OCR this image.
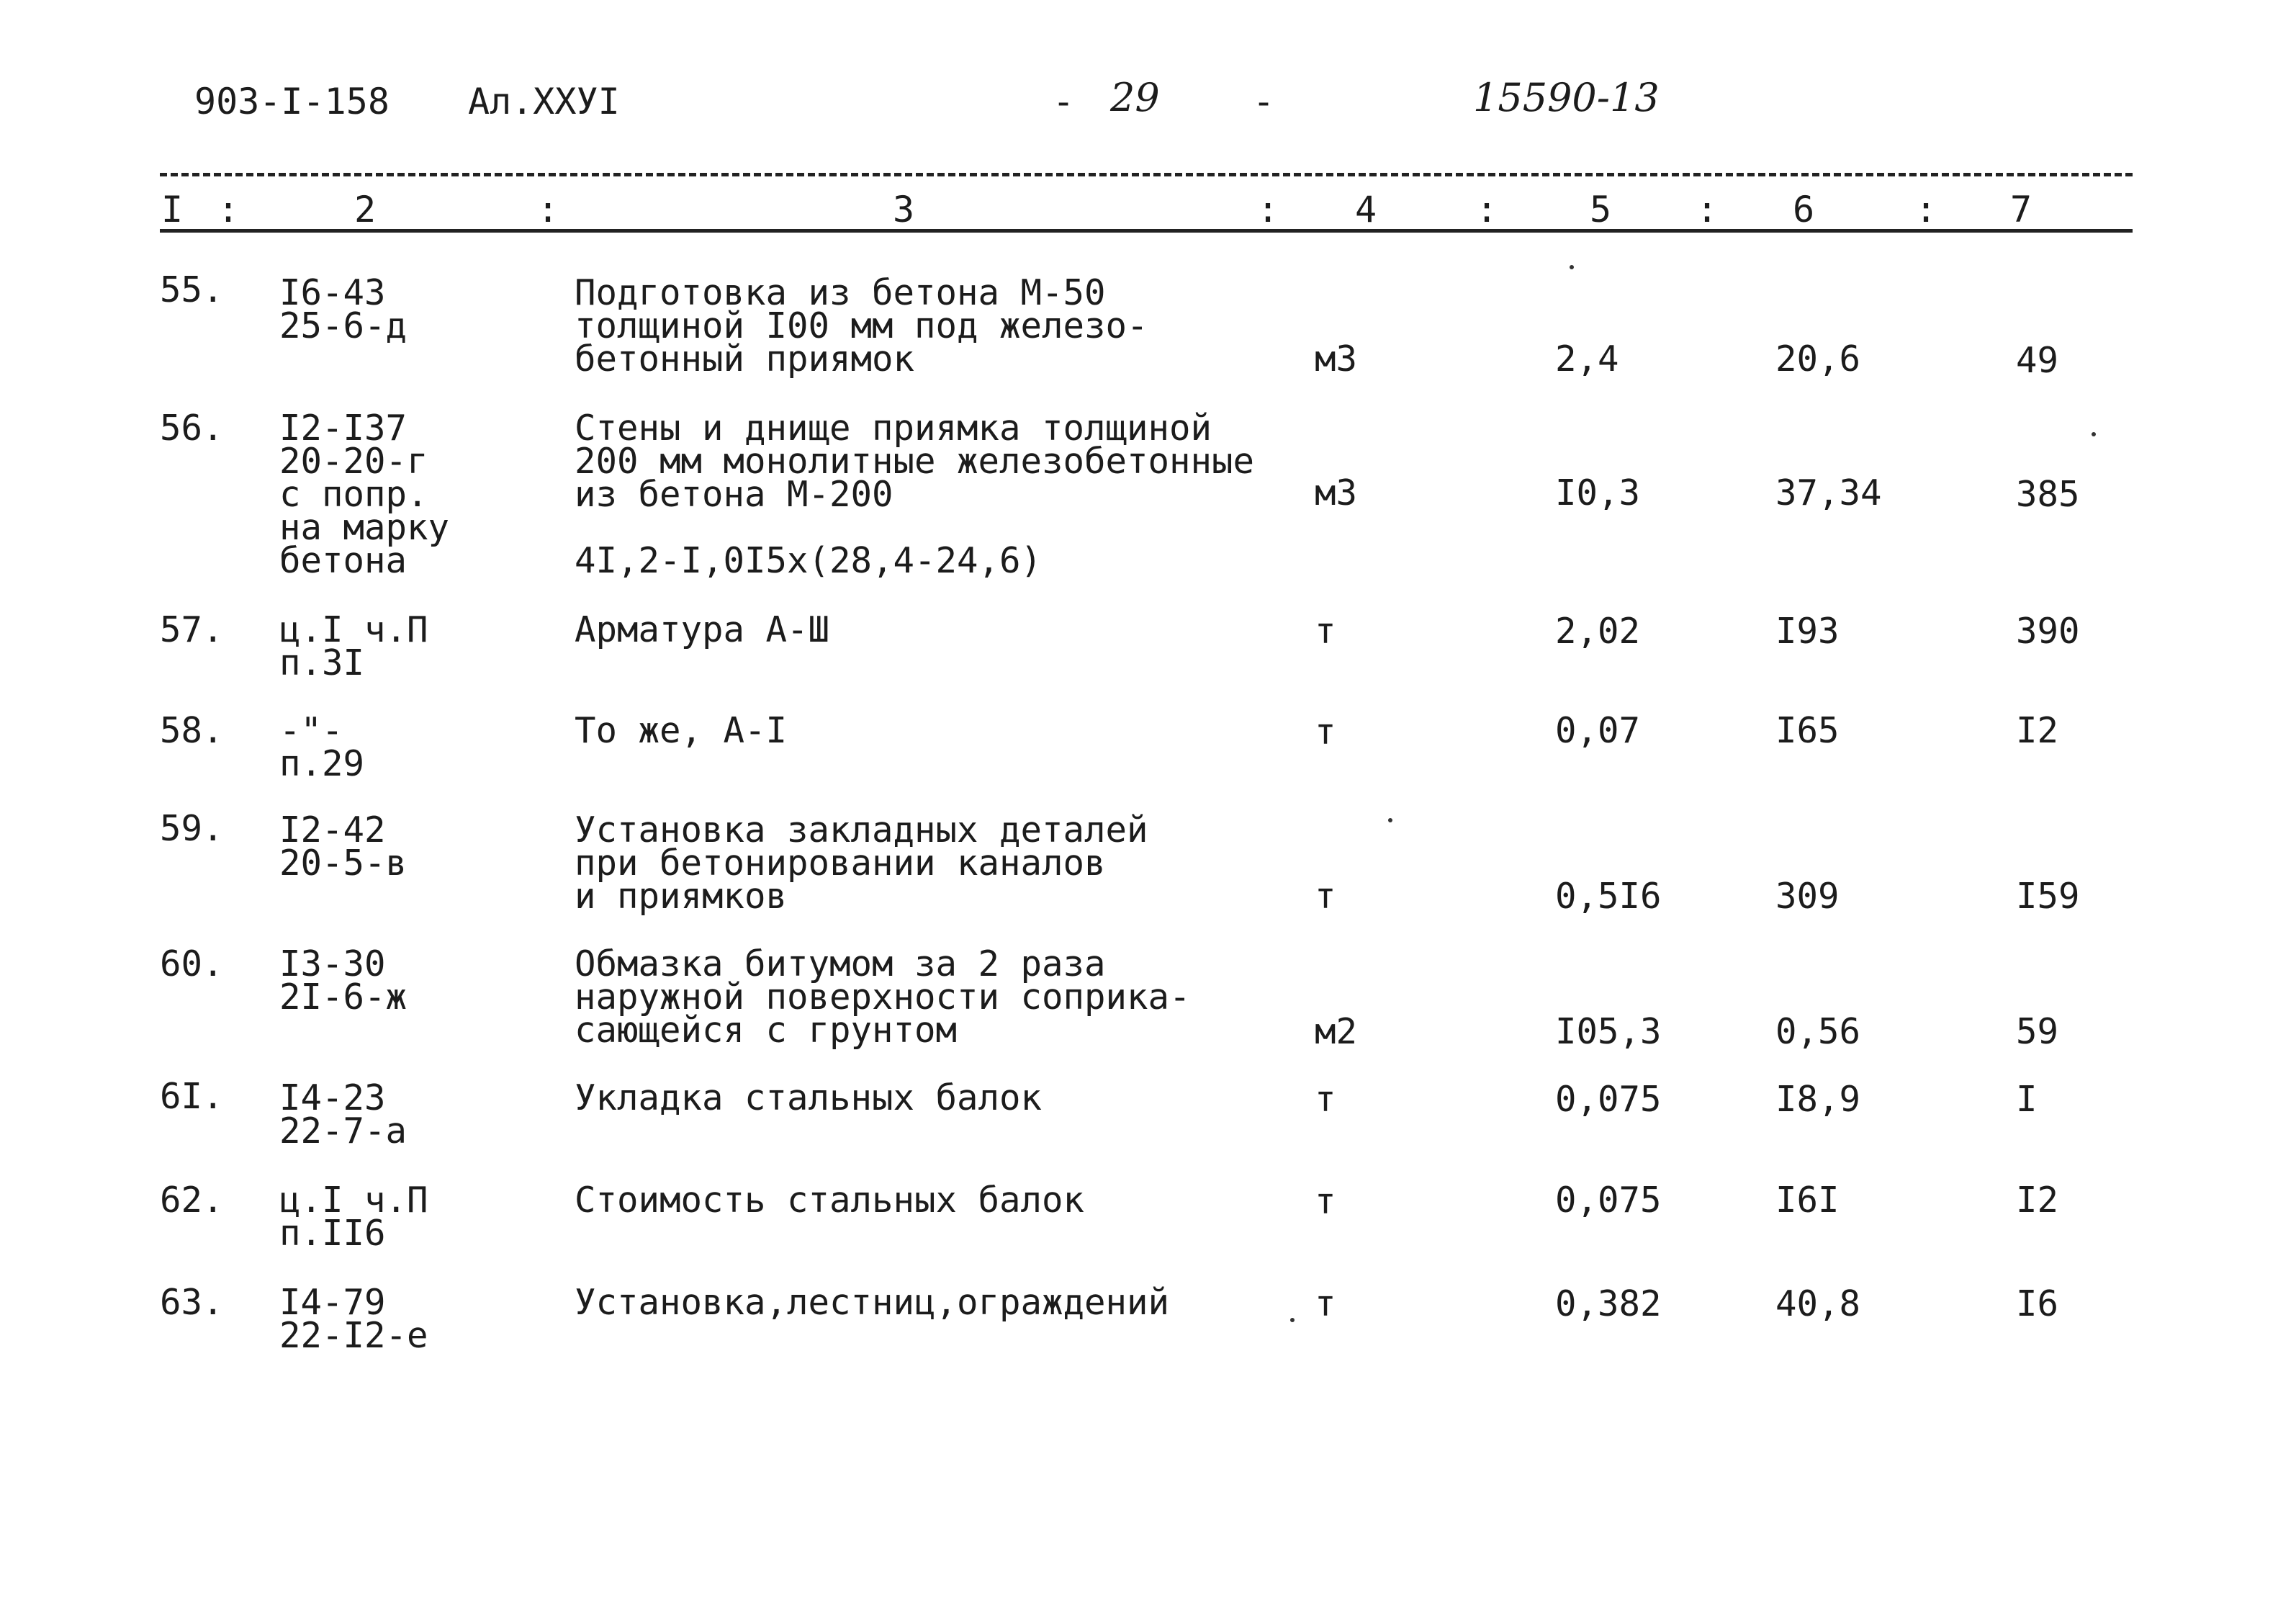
903-I-158 Ал.XXУI	- 29	-	15590-13
I	2	3	4	5	6	7
:	:	:	:	:	:
55. I6-43
25-6-д
Подготовка из бетона М-50
толщиной I00 мм под железо-
бетонный приямок	м3	2,4	20,6	49
56. I2-I37
20-20-г
с попр.
на марку
бетона
Стены и днище приямка толщиной
200 мм монолитные железобетонные
из бетона М-200
4I,2-I,0I5х(28,4-24,6)
м3	I0,3	37,34	385
57. ц.I ч.П
п.3I
Арматура А-Ш	т	2,02	I93	390
58. -"-
п.29
То же, А-I	т	0,07	I65	I2
59. I2-42
20-5-в
Установка закладных деталей
при бетонировании каналов
и приямков	т	0,5I6	309	I59
60. I3-30
2I-6-ж
Обмазка битумом за 2 раза
наружной поверхности соприка-
сающейся с грунтом	м2	I05,3	0,56	59
6I. I4-23
22-7-а
Укладка стальных балок	т	0,075	I8,9	I
62. ц.I ч.П
п.II6
Стоимость стальных балок	т	0,075	I6I	I2
63. I4-79
22-I2-е
Установка,лестниц,ограждений	т	0,382	40,8	I6
